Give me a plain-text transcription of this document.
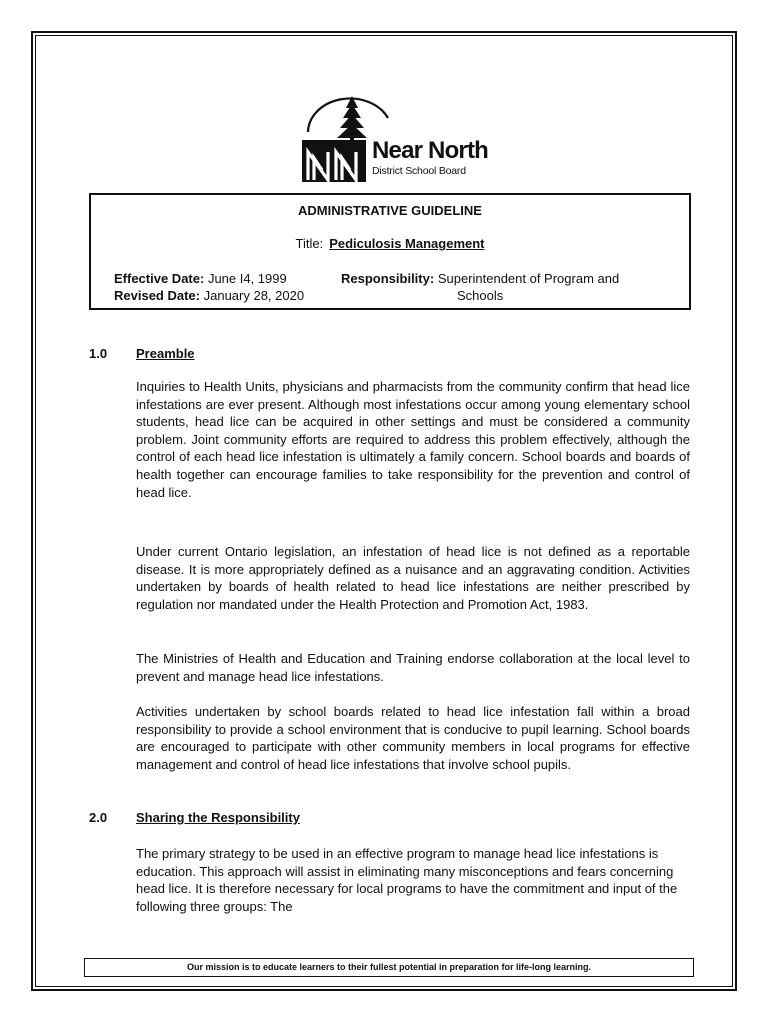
Near North
District School Board
ADMINISTRATIVE GUIDELINE
Title: Pediculosis Management
Effective Date: June I4, 1999
Revised Date: January 28, 2020
Responsibility: Superintendent of Program and
Schools
1.0 Preamble

Inquiries to Health Units, physicians and pharmacists from the community confirm that head lice infestations are ever present. Although most infestations occur among young elementary school students, head lice can be acquired in other settings and must be considered a community problem. Joint community efforts are required to address this problem effectively, although the control of each head lice infestation is ultimately a family concern. School boards and boards of health together can encourage families to take responsibility for the prevention and control of head lice.

Under current Ontario legislation, an infestation of head lice is not defined as a reportable disease. It is more appropriately defined as a nuisance and an aggravating condition. Activities undertaken by boards of health related to head lice infestations are neither prescribed by regulation nor mandated under the Health Protection and Promotion Act, 1983.

The Ministries of Health and Education and Training endorse collaboration at the local level to prevent and manage head lice infestations.

Activities undertaken by school boards related to head lice infestation fall within a broad responsibility to provide a school environment that is conducive to pupil learning. School boards are encouraged to participate with other community members in local programs for effective management and control of head lice infestations that involve school pupils.

2.0 Sharing the Responsibility

The primary strategy to be used in an effective program to manage head lice infestations is education. This approach will assist in eliminating many misconceptions and fears concerning head lice. It is therefore necessary for local programs to have the commitment and input of the following three groups: The

Our mission is to educate learners to their fullest potential in preparation for life-long learning.
